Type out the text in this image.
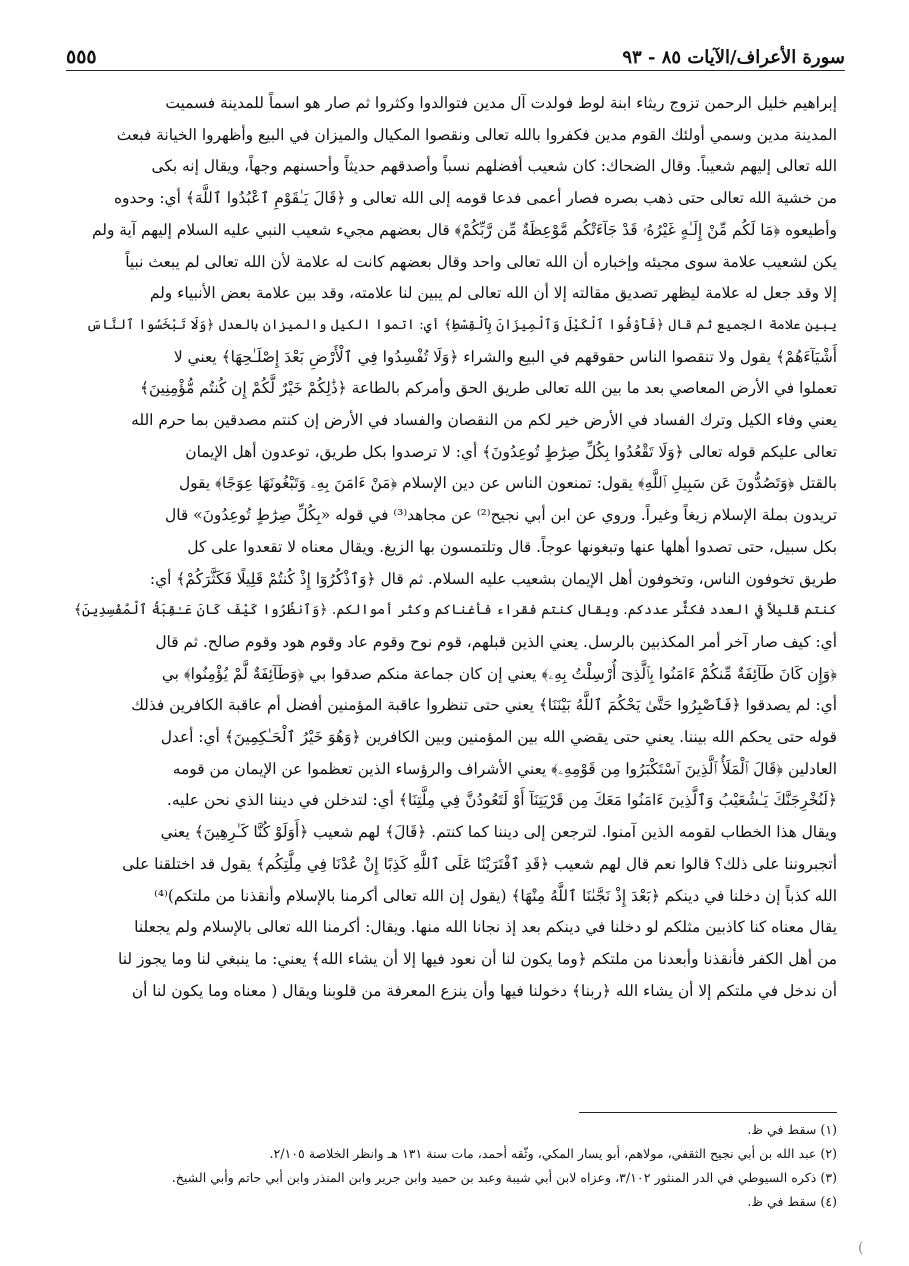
٥٥٥	سورة الأعراف/الآيات ٨٥ - ٩٣
إبراهيم خليل الرحمن تزوج ريثاء ابنة لوط فولدت آل مدين فتوالدوا وكثروا ثم صار هو اسماً للمدينة فسميت
المدينة مدين وسمي أولئك القوم مدين فكفروا بالله تعالى ونقصوا المكيال والميزان في البيع وأظهروا الخيانة فبعث
الله تعالى إليهم شعيباً. وقال الضحاك: كان شعيب أفضلهم نسباً وأصدقهم حديثاً وأحسنهم وجهاً، ويقال إنه بكى
من خشية الله تعالى حتى ذهب بصره فصار أعمى فدعا قومه إلى الله تعالى و ﴿قَالَ يَـٰقَوْمِ ٱعْبُدُوا ٱللَّهَ﴾ أي: وحدوه
وأطيعوه ﴿مَا لَكُم مِّنْ إِلَـٰهٍ غَيْرُهُۥ قَدْ جَآءَتْكُم مَّوْعِظَةٌ مِّن رَّبِّكُمْ﴾ قال بعضهم مجيء شعيب النبي عليه السلام إليهم آية ولم
يكن لشعيب علامة سوى مجيئه وإخباره أن الله تعالى واحد وقال بعضهم كانت له علامة لأن الله تعالى لم يبعث نبياً
إلا وقد جعل له علامة ليظهر تصديق مقالته إلا أن الله تعالى لم يبين لنا علامته، وقد بين علامة بعض الأنبياء ولم
يبين علامة الجميع ثم قال ﴿فَأَوْفُوا ٱلْكَيْلَ وَٱلْمِيزَانَ بِٱلْقِسْطِ﴾ أي: اتموا الكيل والميزان بالعدل ﴿وَلَا تَبْخَسُوا ٱلنَّاسَ
أَشْيَآءَهُمْ﴾ يقول ولا تنقصوا الناس حقوقهم في البيع والشراء ﴿وَلَا تُفْسِدُوا فِي ٱلْأَرْضِ بَعْدَ إِصْلَـٰحِهَا﴾ يعني لا
تعملوا في الأرض المعاصي بعد ما بين الله تعالى طريق الحق وأمركم بالطاعة ﴿ذَٰلِكُمْ خَيْرٌ لَّكُمْ إِن كُنتُم مُّؤْمِنِينَ﴾
يعني وفاء الكيل وترك الفساد في الأرض خير لكم من النقصان والفساد في الأرض إن كنتم مصدقين بما حرم الله
تعالى عليكم قوله تعالى ﴿وَلَا تَقْعُدُوا بِكُلِّ صِرَٰطٍ تُوعِدُونَ﴾ أي: لا ترصدوا بكل طريق، توعدون أهل الإيمان
بالقتل ﴿وَتَصُدُّونَ عَن سَبِيلِ ٱللَّهِ﴾ يقول: تمنعون الناس عن دين الإسلام ﴿مَنْ ءَامَنَ بِهِۦ وَتَبْغُونَهَا عِوَجًا﴾ يقول
تريدون بملة الإسلام زيغاً وغيراً. وروي عن ابن أبي نجيح⁽²⁾ عن مجاهد⁽³⁾ في قوله «بِكُلِّ صِرَٰطٍ تُوعِدُونَ» قال
بكل سبيل، حتى تصدوا أهلها عنها وتبغونها عوجاً. قال وتلتمسون بها الزيغ. ويقال معناه لا تقعدوا على كل
طريق تخوفون الناس، وتخوفون أهل الإيمان بشعيب عليه السلام. ثم قال ﴿وَٱذْكُرُوٓا إِذْ كُنتُمْ قَلِيلًا فَكَثَّرَكُمْ﴾ أي:
كنتم قليلاً في العدد فكثَّر عددكم. ويقال كنتم فقراء فأغناكم وكثر أموالكم. ﴿وَٱنظُرُوا كَيْفَ كَانَ عَـٰقِبَةُ ٱلْمُفْسِدِينَ﴾
أي: كيف صار آخر أمر المكذبين بالرسل. يعني الذين قبلهم، قوم نوح وقوم عاد وقوم هود وقوم صالح. ثم قال
﴿وَإِن كَانَ طَآئِفَةٌ مِّنكُمْ ءَامَنُوا بِٱلَّذِىٓ أُرْسِلْتُ بِهِۦ﴾ يعني إن كان جماعة منكم صدقوا بي ﴿وَطَآئِفَةٌ لَّمْ يُؤْمِنُوا﴾ بي
أي: لم يصدقوا ﴿فَٱصْبِرُوا حَتَّىٰ يَحْكُمَ ٱللَّهُ بَيْنَنَا﴾ يعني حتى تنظروا عاقبة المؤمنين أفضل أم عاقبة الكافرين فذلك
قوله حتى يحكم الله بيننا. يعني حتى يقضي الله بين المؤمنين وبين الكافرين ﴿وَهُوَ خَيْرُ ٱلْحَـٰكِمِينَ﴾ أي: أعدل
العادلين ﴿قَالَ ٱلْمَلَأُ ٱلَّذِينَ ٱسْتَكْبَرُوا مِن قَوْمِهِۦ﴾ يعني الأشراف والرؤساء الذين تعظموا عن الإيمان من قومه
﴿لَنُخْرِجَنَّكَ يَـٰشُعَيْبُ وَٱلَّذِينَ ءَامَنُوا مَعَكَ مِن قَرْيَتِنَآ أَوْ لَتَعُودُنَّ فِي مِلَّتِنَا﴾ أي: لتدخلن في ديننا الذي نحن عليه.
ويقال هذا الخطاب لقومه الذين آمنوا. لترجعن إلى ديننا كما كنتم. ﴿قَالَ﴾ لهم شعيب ﴿أَوَلَوْ كُنَّا كَـٰرِهِينَ﴾ يعني
أتجبروننا على ذلك؟ قالوا نعم قال لهم شعيب ﴿قَدِ ٱفْتَرَيْنَا عَلَى ٱللَّهِ كَذِبًا إِنْ عُدْنَا فِي مِلَّتِكُم﴾ يقول قد اختلقنا على
الله كذباً إن دخلنا في دينكم ﴿بَعْدَ إِذْ نَجَّىٰنَا ٱللَّهُ مِنْهَا﴾ (يقول إن الله تعالى أكرمنا بالإسلام وأنقذنا من ملتكم)⁽⁴⁾
يقال معناه كنا كاذبين مثلكم لو دخلنا في دينكم بعد إذ نجانا الله منها. ويقال: أكرمنا الله تعالى بالإسلام ولم يجعلنا
من أهل الكفر فأنقذنا وأبعدنا من ملتكم ﴿وما يكون لنا أن نعود فيها إلا أن يشاء الله﴾ يعني: ما ينبغي لنا وما يجوز لنا
أن ندخل في ملتكم إلا أن يشاء الله ﴿ربنا﴾ دخولنا فيها وأن ينزع المعرفة من قلوبنا ويقال ( معناه وما يكون لنا أن
(١) سقط في ظ.
(٢) عبد الله بن أبي نجيح الثقفي، مولاهم، أبو يسار المكي، وثّقه أحمد، مات سنة ١٣١ هـ وانظر الخلاصة ٢/١٠٥.
(٣) ذكره السيوطي في الدر المنثور ٣/١٠٢، وعزاه لابن أبي شيبة وعبد بن حميد وابن جرير وابن المنذر وابن أبي حاتم وأبي الشيخ.
(٤) سقط في ظ.
(
